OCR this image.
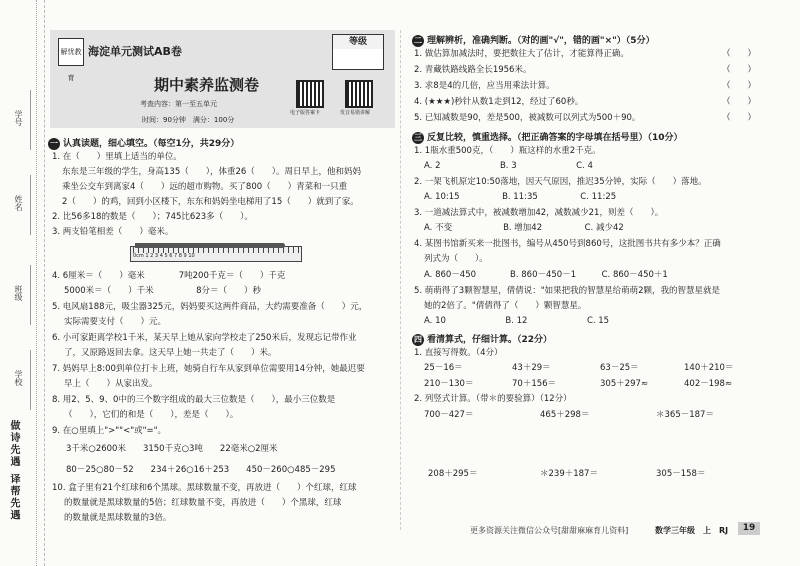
学号
姓名
班级
学校
做诗先遇 译帮先遇
解忧教育
海淀单元测试AB卷
等级
期中素养监测卷
考查内容：第一至五单元
时间：90分钟　 满分：100分
电子版答案卡	发音易错讲解
一 认真读题，细心填空。（每空1分，共29分）
1. 在（　　）里填上适当的单位。
东东是三年级的学生，身高135（　　），体重26（　　）。周日早上，他和妈妈
乘坐公交车到离家4（　　）远的超市购物。买了800（　　）青菜和一只重
2（　　）的鸡，回到小区楼下，东东和妈妈坐电梯用了15（　　）就到了家。
2. 比56多18的数是（　　）；745比623多（　　）。
3. 两支铅笔相差（　　）毫米。
0cm 1 2 3 4 5 6 7 8 9 10
4. 6厘米＝（　　）毫米　　　　7吨200千克＝（　　）千克
5000米＝（　　）千米　　　　　8分＝（　　）秒
5. 电风扇188元，吸尘器325元，妈妈要买这两件商品，大约需要准备（　　）元，
实际需要支付（　　）元。
6. 小可家距离学校1千米，某天早上她从家向学校走了250米后，发现忘记带作业
了，又原路返回去拿。这天早上她一共走了（　　）米。
7. 妈妈早上8:00到单位打卡上班，她骑自行车从家到单位需要用14分钟，她最迟要
早上（　　）从家出发。
8. 用2、5、9、0中的三个数字组成的最大三位数是（　　），最小三位数是
（　　），它们的和是（　　），差是（　　）。
9. 在○里填上">""<"或"="。
3千米○2600米　　3150千克○3吨　　22毫米○2厘米
80－25○80－52　　234＋26○16＋253　　450－260○485－295
10. 盒子里有21个红球和6个黑球。黑球数量不变，再放进（　　）个红球，红球
的数量就是黑球数量的5倍；红球数量不变，再放进（　　）个黑球，红球
的数量就是黑球数量的3倍。
二 理解辨析，准确判断。（对的画"√"，错的画"×"）（5分）
1. 做估算加减法时，要把数往大了估计，才能算得正确。
2. 青藏铁路线路全长1956米。
3. 求8是4的几倍，应当用乘法计算。
4. (★★★)秒针从数1走到12，经过了60秒。
5. 已知减数是90，差是500，被减数可以列式为500＋90。
（　　）
（　　）
（　　）
（　　）
（　　）
三 反复比较，慎重选择。（把正确答案的字母填在括号里）（10分）
1. 1瓶水重500克，（　　）瓶这样的水重2千克。
A. 2　　　　　　　B. 3　　　　　　　C. 4
2. 一架飞机原定10:50落地，因天气原因，推迟35分钟，实际（　　）落地。
A. 10:15　　　　　B. 11:35　　　　　C. 11:25
3. 一道减法算式中，被减数增加42，减数减少21，则差（　　）。
A. 不变　　　　　　B. 增加42　　　　　C. 减少42
4. 某图书馆新买来一批图书，编号从450号到860号，这批图书共有多少本？正确
列式为（　　）。
A. 860－450　　　　B. 860－450－1　　　C. 860－450＋1
5. 萌萌得了3颗智慧星，倩倩说："如果把我的智慧星给萌萌2颗，我的智慧星就是
她的2倍了。"倩倩得了（　　）颗智慧星。
A. 10　　　　　　　B. 12　　　　　　　C. 15
四 看清算式，仔细计算。（22分）
1. 直接写得数。（4分）
25－16＝	43＋29＝	63－25＝	140＋210＝
210－130＝	70＋156＝	305＋297≈	402－198≈
2. 列竖式计算。（带＊的要验算）（12分）
700－427＝	465＋298＝	＊365－187＝
208＋295＝	＊239＋187＝	305－158＝
更多资源关注微信公众号[甜甜麻麻育儿资料]	数学三年级　上　RJ	19
